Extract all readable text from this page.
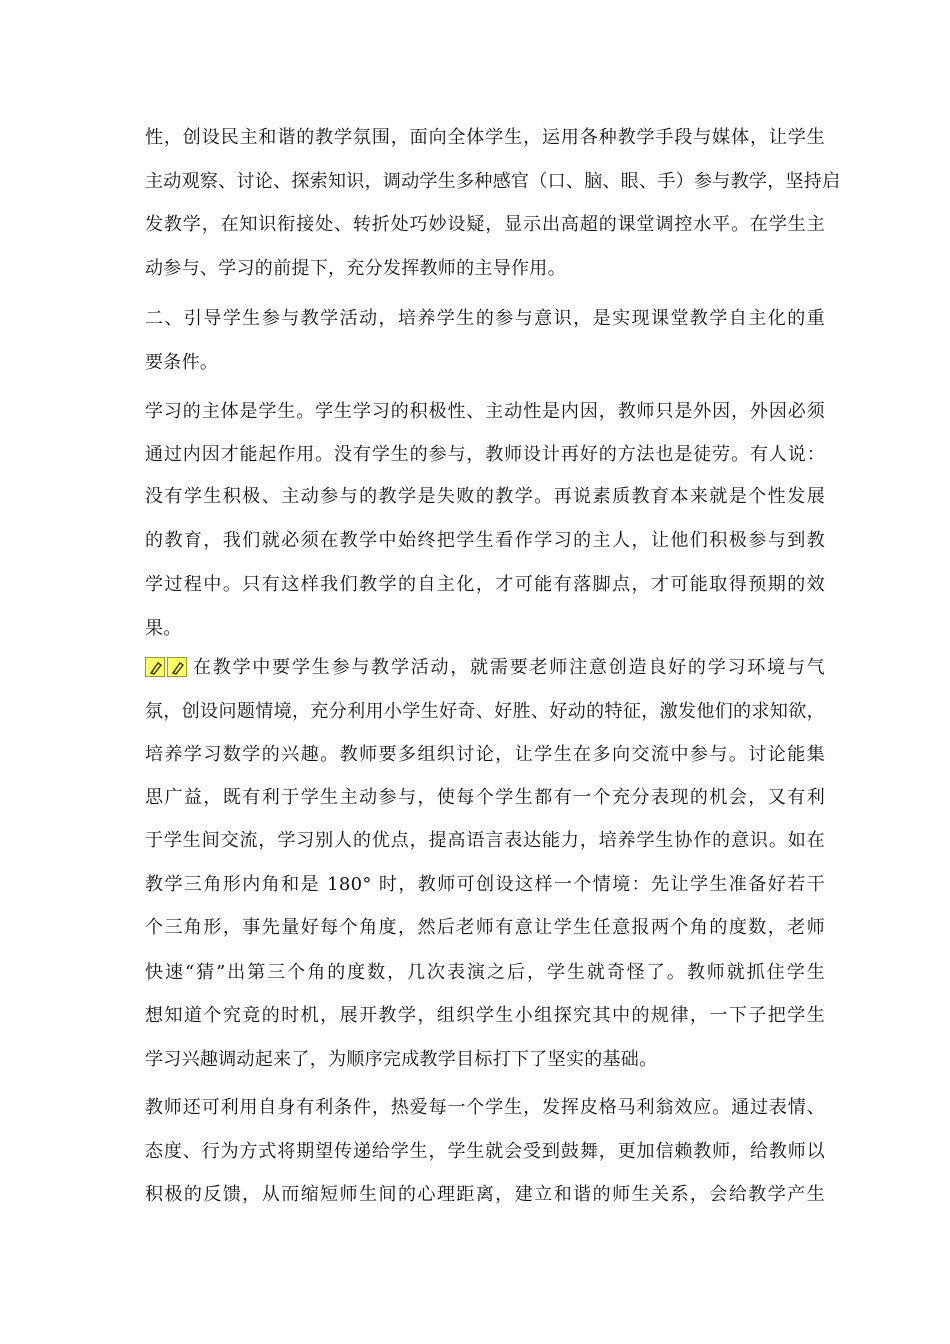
性，创设民主和谐的教学氛围，面向全体学生，运用各种教学手段与媒体，让学生
主动观察、讨论、探索知识，调动学生多种感官（口、脑、眼、手）参与教学，坚持启
发教学，在知识衔接处、转折处巧妙设疑，显示出高超的课堂调控水平。在学生主
动参与、学习的前提下，充分发挥教师的主导作用。
二、引导学生参与教学活动，培养学生的参与意识，是实现课堂教学自主化的重
要条件。
学习的主体是学生。学生学习的积极性、主动性是内因，教师只是外因，外因必须
通过内因才能起作用。没有学生的参与，教师设计再好的方法也是徒劳。有人说：
没有学生积极、主动参与的教学是失败的教学。再说素质教育本来就是个性发展
的教育，我们就必须在教学中始终把学生看作学习的主人，让他们积极参与到教
学过程中。只有这样我们教学的自主化，才可能有落脚点，才可能取得预期的效
果。
在教学中要学生参与教学活动，就需要老师注意创造良好的学习环境与气
氛，创设问题情境，充分利用小学生好奇、好胜、好动的特征，激发他们的求知欲，
培养学习数学的兴趣。教师要多组织讨论，让学生在多向交流中参与。讨论能集
思广益，既有利于学生主动参与，使每个学生都有一个充分表现的机会，又有利
于学生间交流，学习别人的优点，提高语言表达能力，培养学生协作的意识。如在
教学三角形内角和是 180° 时，教师可创设这样一个情境：先让学生准备好若干
个三角形，事先量好每个角度，然后老师有意让学生任意报两个角的度数，老师
快速“猜”出第三个角的度数，几次表演之后，学生就奇怪了。教师就抓住学生
想知道个究竟的时机，展开教学，组织学生小组探究其中的规律，一下子把学生
学习兴趣调动起来了，为顺序完成教学目标打下了坚实的基础。
教师还可利用自身有利条件，热爱每一个学生，发挥皮格马利翁效应。通过表情、
态度、行为方式将期望传递给学生，学生就会受到鼓舞，更加信赖教师，给教师以
积极的反馈，从而缩短师生间的心理距离，建立和谐的师生关系，会给教学产生
